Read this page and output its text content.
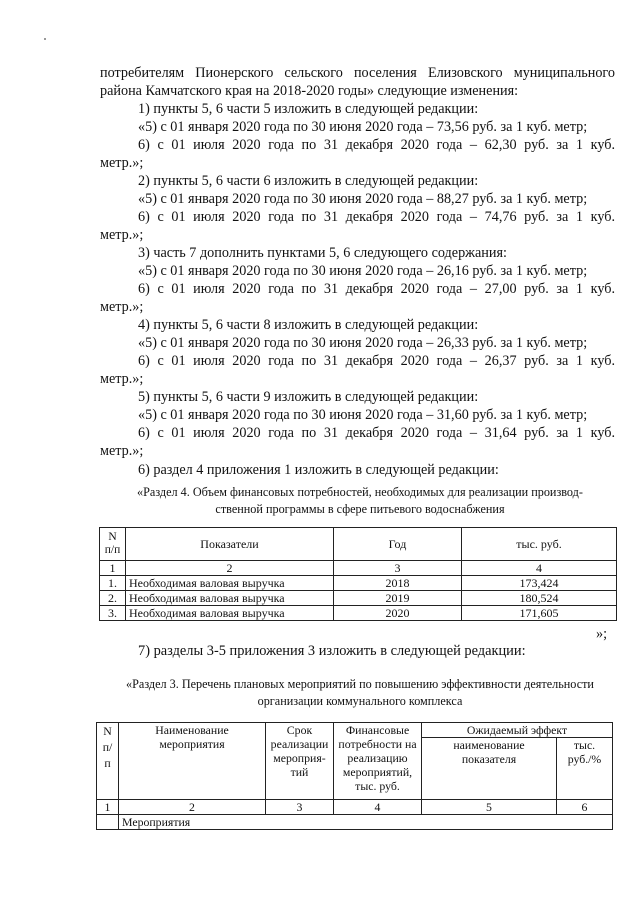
потребителям Пионерского сельского поселения Елизовского муниципального
района Камчатского края на 2018-2020 годы» следующие изменения:
1) пункты 5, 6 части 5 изложить в следующей редакции:
«5) с 01 января 2020 года по 30 июня 2020 года – 73,56 руб. за 1 куб. метр;
6) с 01 июля 2020 года по 31 декабря 2020 года – 62,30 руб. за 1 куб.
метр.»;
2) пункты 5, 6 части 6 изложить в следующей редакции:
«5) с 01 января 2020 года по 30 июня 2020 года – 88,27 руб. за 1 куб. метр;
6) с 01 июля 2020 года по 31 декабря 2020 года – 74,76 руб. за 1 куб.
метр.»;
3) часть 7 дополнить пунктами 5, 6 следующего содержания:
«5) с 01 января 2020 года по 30 июня 2020 года – 26,16 руб. за 1 куб. метр;
6) с 01 июля 2020 года по 31 декабря 2020 года – 27,00 руб. за 1 куб.
метр.»;
4) пункты 5, 6 части 8 изложить в следующей редакции:
«5) с 01 января 2020 года по 30 июня 2020 года – 26,33 руб. за 1 куб. метр;
6) с 01 июля 2020 года по 31 декабря 2020 года – 26,37 руб. за 1 куб.
метр.»;
5) пункты 5, 6 части 9 изложить в следующей редакции:
«5) с 01 января 2020 года по 30 июня 2020 года – 31,60 руб. за 1 куб. метр;
6) с 01 июля 2020 года по 31 декабря 2020 года – 31,64 руб. за 1 куб.
метр.»;
6) раздел 4 приложения 1 изложить в следующей редакции:
«Раздел 4. Объем финансовых потребностей, необходимых для реализации производ-
ственной программы в сфере питьевого водоснабжения
N п/п	Показатели	Год	тыс. руб.
1	2	3	4
1.	Необходимая валовая выручка	2018	173,424
2.	Необходимая валовая выручка	2019	180,524
3.	Необходимая валовая выручка	2020	171,605
»;
7) разделы 3-5 приложения 3 изложить в следующей редакции:
«Раздел 3. Перечень плановых мероприятий по повышению эффективности деятельности
организации коммунального комплекса
N п/ п	Наименование мероприятия	Срок реализации мероприя- тий	Финансовые потребности на реализацию мероприятий, тыс. руб.	Ожидаемый эффект	
				наименование показателя	тыс. руб./%
1	2	3	4	5	6
	Мероприятия				
